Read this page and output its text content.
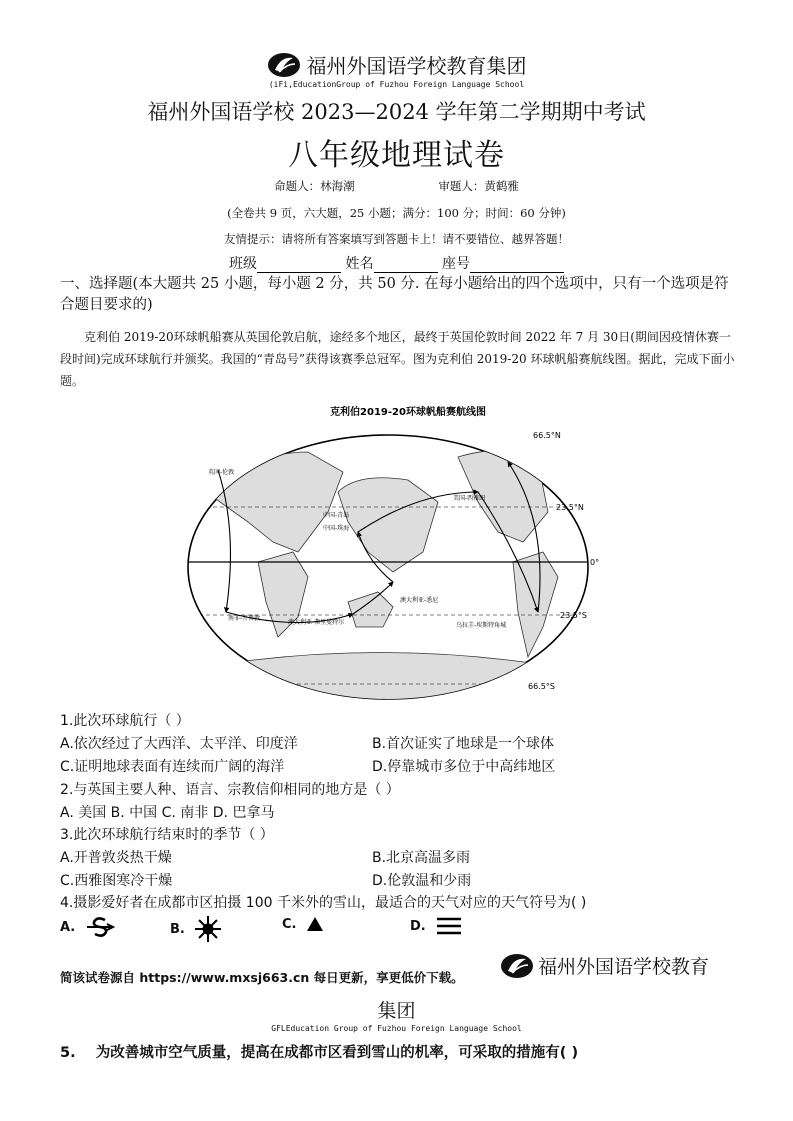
福州外国语学校教育集团
(iFi,EducationGroup of Fuzhou Foreign Language School
福州外国语学校 2023—2024 学年第二学期期中考试
八年级地理试卷
命题人：林海潮	审题人：黄鹤雅
(全卷共 9 页，六大题，25 小题；满分：100 分；时间：60 分钟)
友情提示：请将所有答案填写到答题卡上！请不要错位、越界答题！
班级	姓名	座号
一、选择题(本大题共 25 小题，每小题 2 分，共 50 分. 在每小题给出的四个选项中，只有一个选项是符合题目要求的)
克利伯 2019-20环球帆船赛从英国伦敦启航，途经多个地区，最终于英国伦敦时间 2022 年 7 月 30日(期间因疫情休赛一段时间)完成环球航行并颁奖。我国的“青岛号”获得该赛季总冠军。图为克利伯 2019-20 环球帆船赛航线图。据此，完成下面小题。
克利伯2019-20环球帆船赛航线图
66.5°N
23.5°N
0°
23.5°S
66.5°S
英国-伦敦
中国-青岛
中国-珠海
美国-西雅图
南非-开普敦
澳大利亚-弗里曼特尔
澳大利亚-悉尼
乌拉圭-埃斯特角城
1.此次环球航行（ ）
A.依次经过了大西洋、太平洋、印度洋	B.首次证实了地球是一个球体
C.证明地球表面有连续而广阔的海洋	D.停靠城市多位于中高纬地区
2.与英国主要人种、语言、宗教信仰相同的地方是（ ）
A. 美国 B. 中国 C. 南非 D. 巴拿马
3.此次环球航行结束时的季节（ ）
A.开普敦炎热干燥	B.北京高温多雨
C.西雅图寒冷干燥	D.伦敦温和少雨
4.摄影爱好者在成都市区拍摄 100 千米外的雪山，最适合的天气对应的天气符号为( )
A.	B.	C.	D.
简该试卷源自 https://www.mxsj663.cn 每日更新，享更低价下载。	福州外国语学校教育
集团
GFLEducation Group of Fuzhou Foreign Language School
5. 为改善城市空气质量，提高在成都市区看到雪山的机率，可采取的措施有( )
